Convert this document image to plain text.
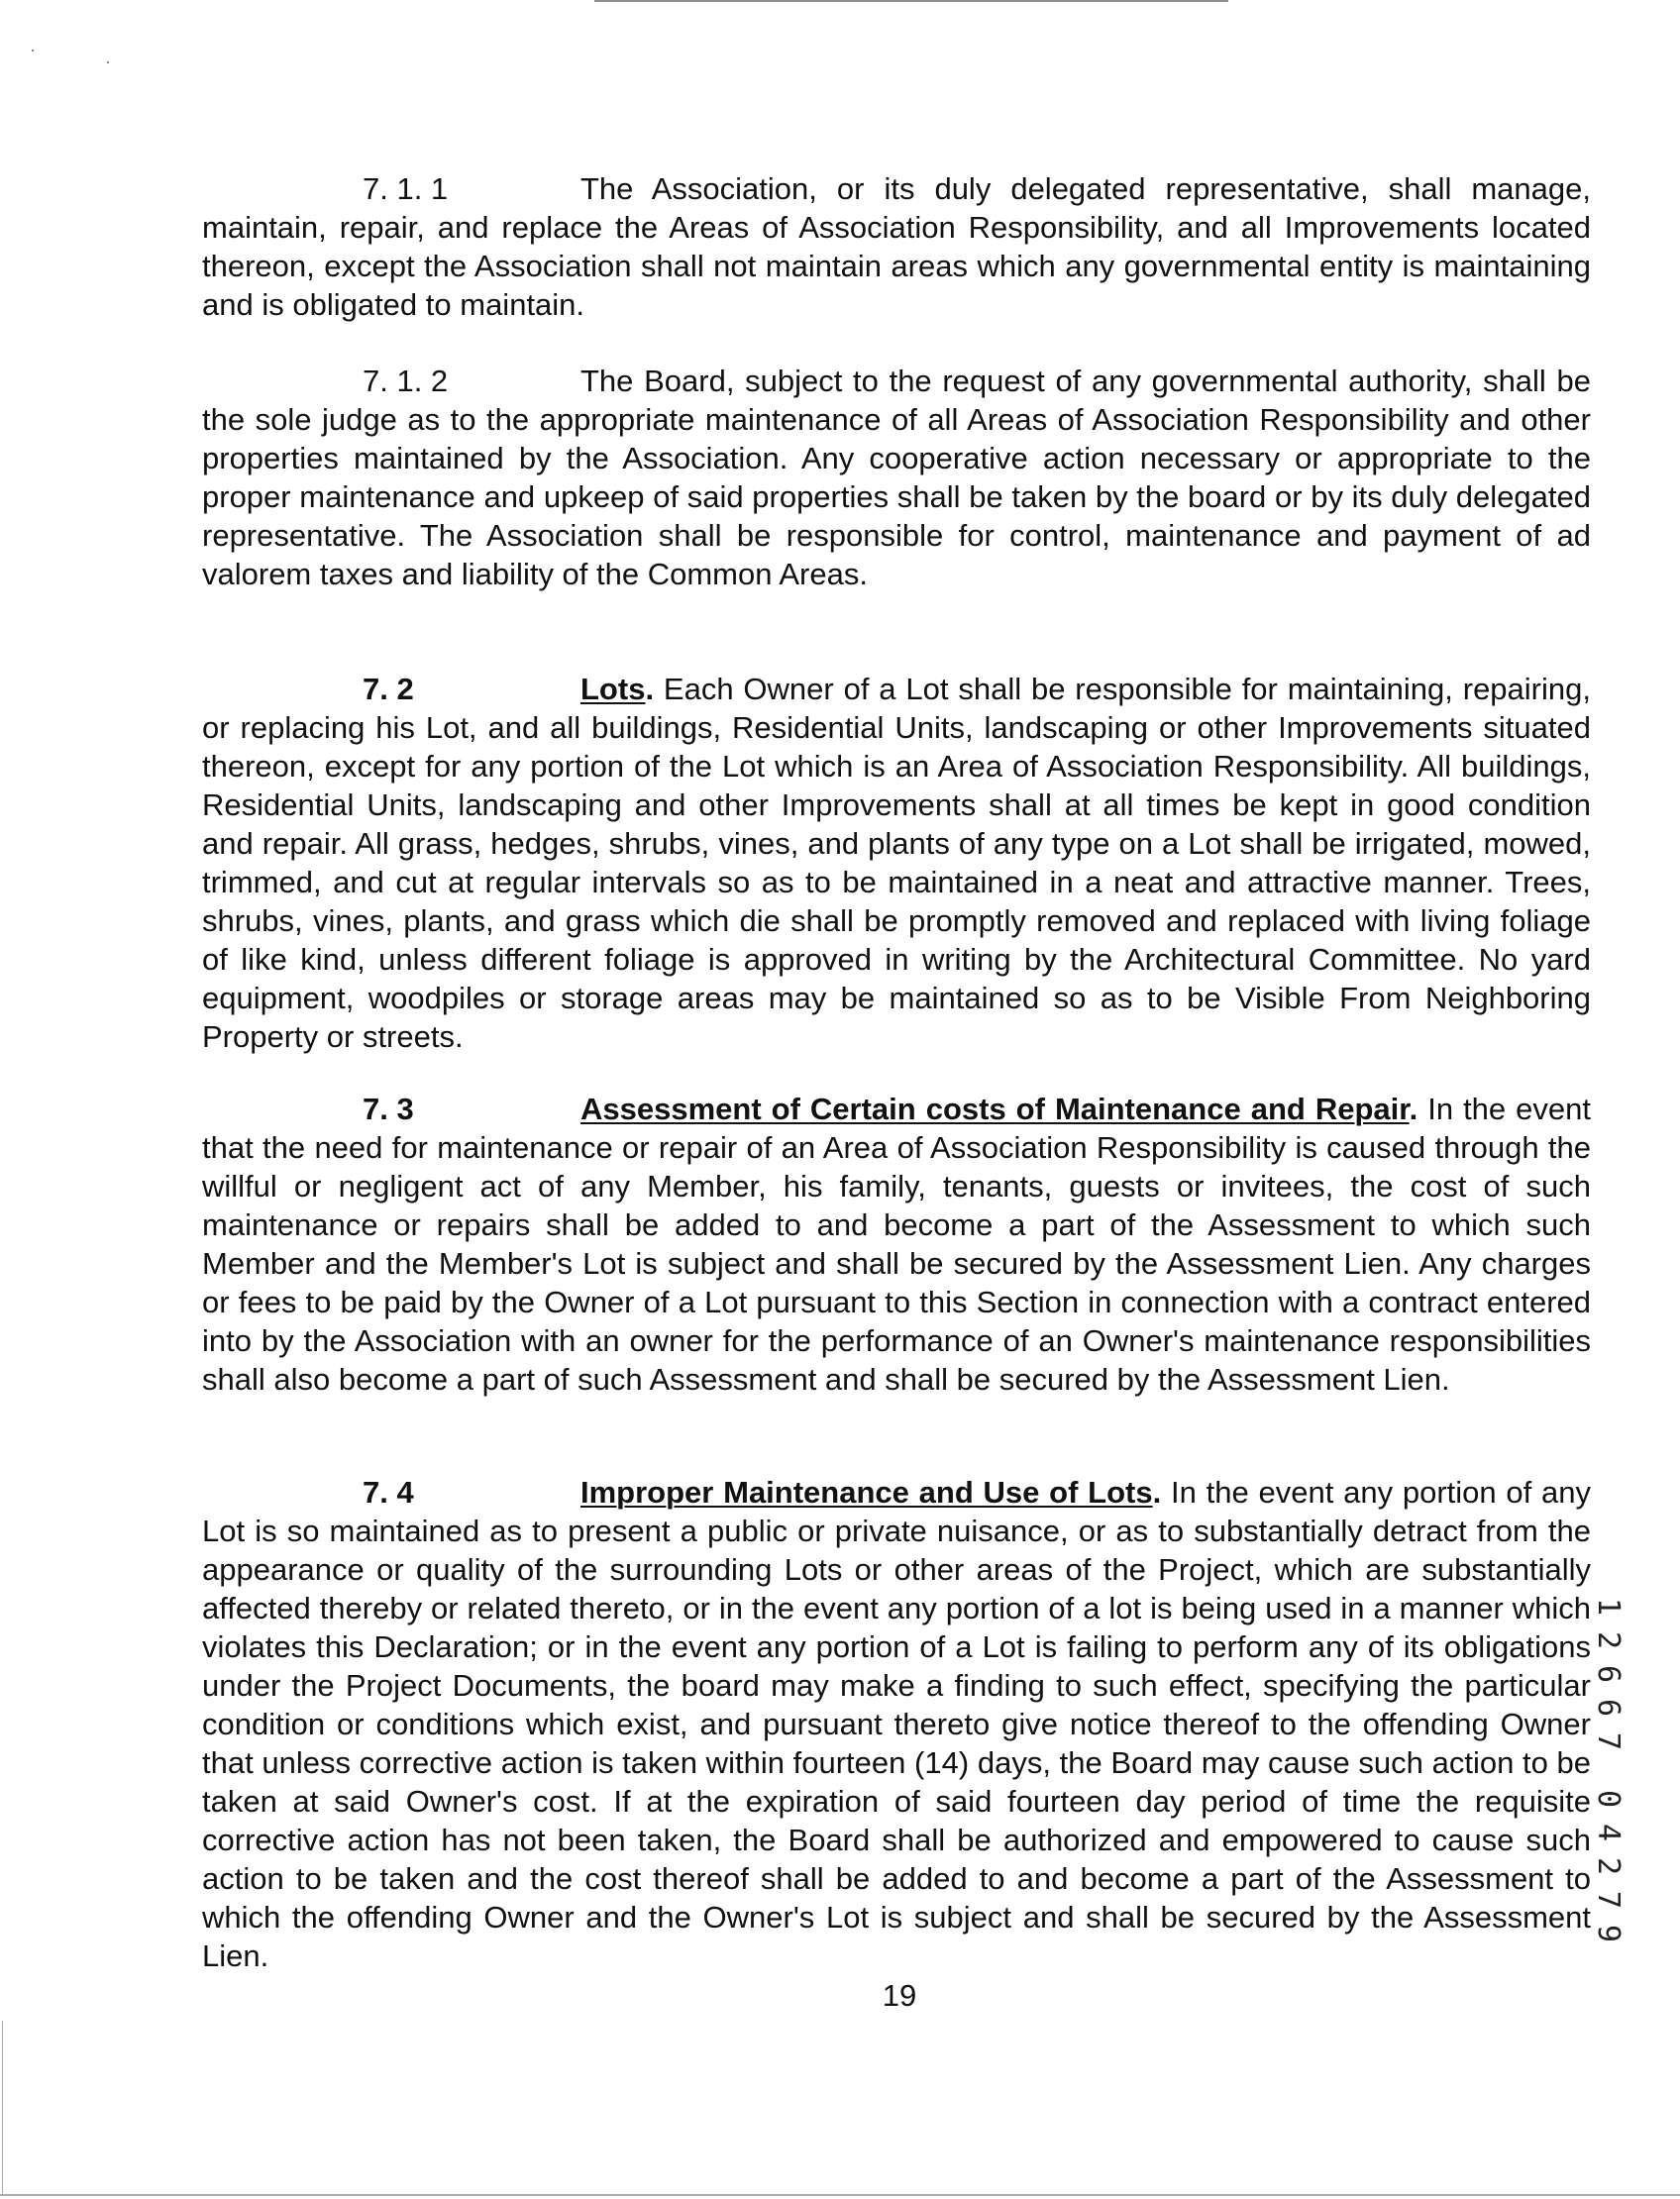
7. 1. 1	The Association, or its duly delegated representative, shall manage, maintain, repair, and replace the Areas of Association Responsibility, and all Improvements located thereon, except the Association shall not maintain areas which any governmental entity is maintaining and is obligated to maintain.

7. 1. 2	The Board, subject to the request of any governmental authority, shall be the sole judge as to the appropriate maintenance of all Areas of Association Responsibility and other properties maintained by the Association. Any cooperative action necessary or appropriate to the proper maintenance and upkeep of said properties shall be taken by the board or by its duly delegated representative. The Association shall be responsible for control, maintenance and payment of ad valorem taxes and liability of the Common Areas.

7. 2	Lots. Each Owner of a Lot shall be responsible for maintaining, repairing, or replacing his Lot, and all buildings, Residential Units, landscaping or other Improvements situated thereon, except for any portion of the Lot which is an Area of Association Responsibility. All buildings, Residential Units, landscaping and other Improvements shall at all times be kept in good condition and repair. All grass, hedges, shrubs, vines, and plants of any type on a Lot shall be irrigated, mowed, trimmed, and cut at regular intervals so as to be maintained in a neat and attractive manner. Trees, shrubs, vines, plants, and grass which die shall be promptly removed and replaced with living foliage of like kind, unless different foliage is approved in writing by the Architectural Committee. No yard equipment, woodpiles or storage areas may be maintained so as to be Visible From Neighboring Property or streets.

7. 3	Assessment of Certain costs of Maintenance and Repair. In the event that the need for maintenance or repair of an Area of Association Responsibility is caused through the willful or negligent act of any Member, his family, tenants, guests or invitees, the cost of such maintenance or repairs shall be added to and become a part of the Assessment to which such Member and the Member's Lot is subject and shall be secured by the Assessment Lien. Any charges or fees to be paid by the Owner of a Lot pursuant to this Section in connection with a contract entered into by the Association with an owner for the performance of an Owner's maintenance responsibilities shall also become a part of such Assessment and shall be secured by the Assessment Lien.

7. 4	Improper Maintenance and Use of Lots. In the event any portion of any Lot is so maintained as to present a public or private nuisance, or as to substantially detract from the appearance or quality of the surrounding Lots or other areas of the Project, which are substantially affected thereby or related thereto, or in the event any portion of a lot is being used in a manner which violates this Declaration; or in the event any portion of a Lot is failing to perform any of its obligations under the Project Documents, the board may make a finding to such effect, specifying the particular condition or conditions which exist, and pursuant thereto give notice thereof to the offending Owner that unless corrective action is taken within fourteen (14) days, the Board may cause such action to be taken at said Owner's cost. If at the expiration of said fourteen day period of time the requisite corrective action has not been taken, the Board shall be authorized and empowered to cause such action to be taken and the cost thereof shall be added to and become a part of the Assessment to which the offending Owner and the Owner's Lot is subject and shall be secured by the Assessment Lien.

19

1
2
6
6
7
0
4
2
7
9
